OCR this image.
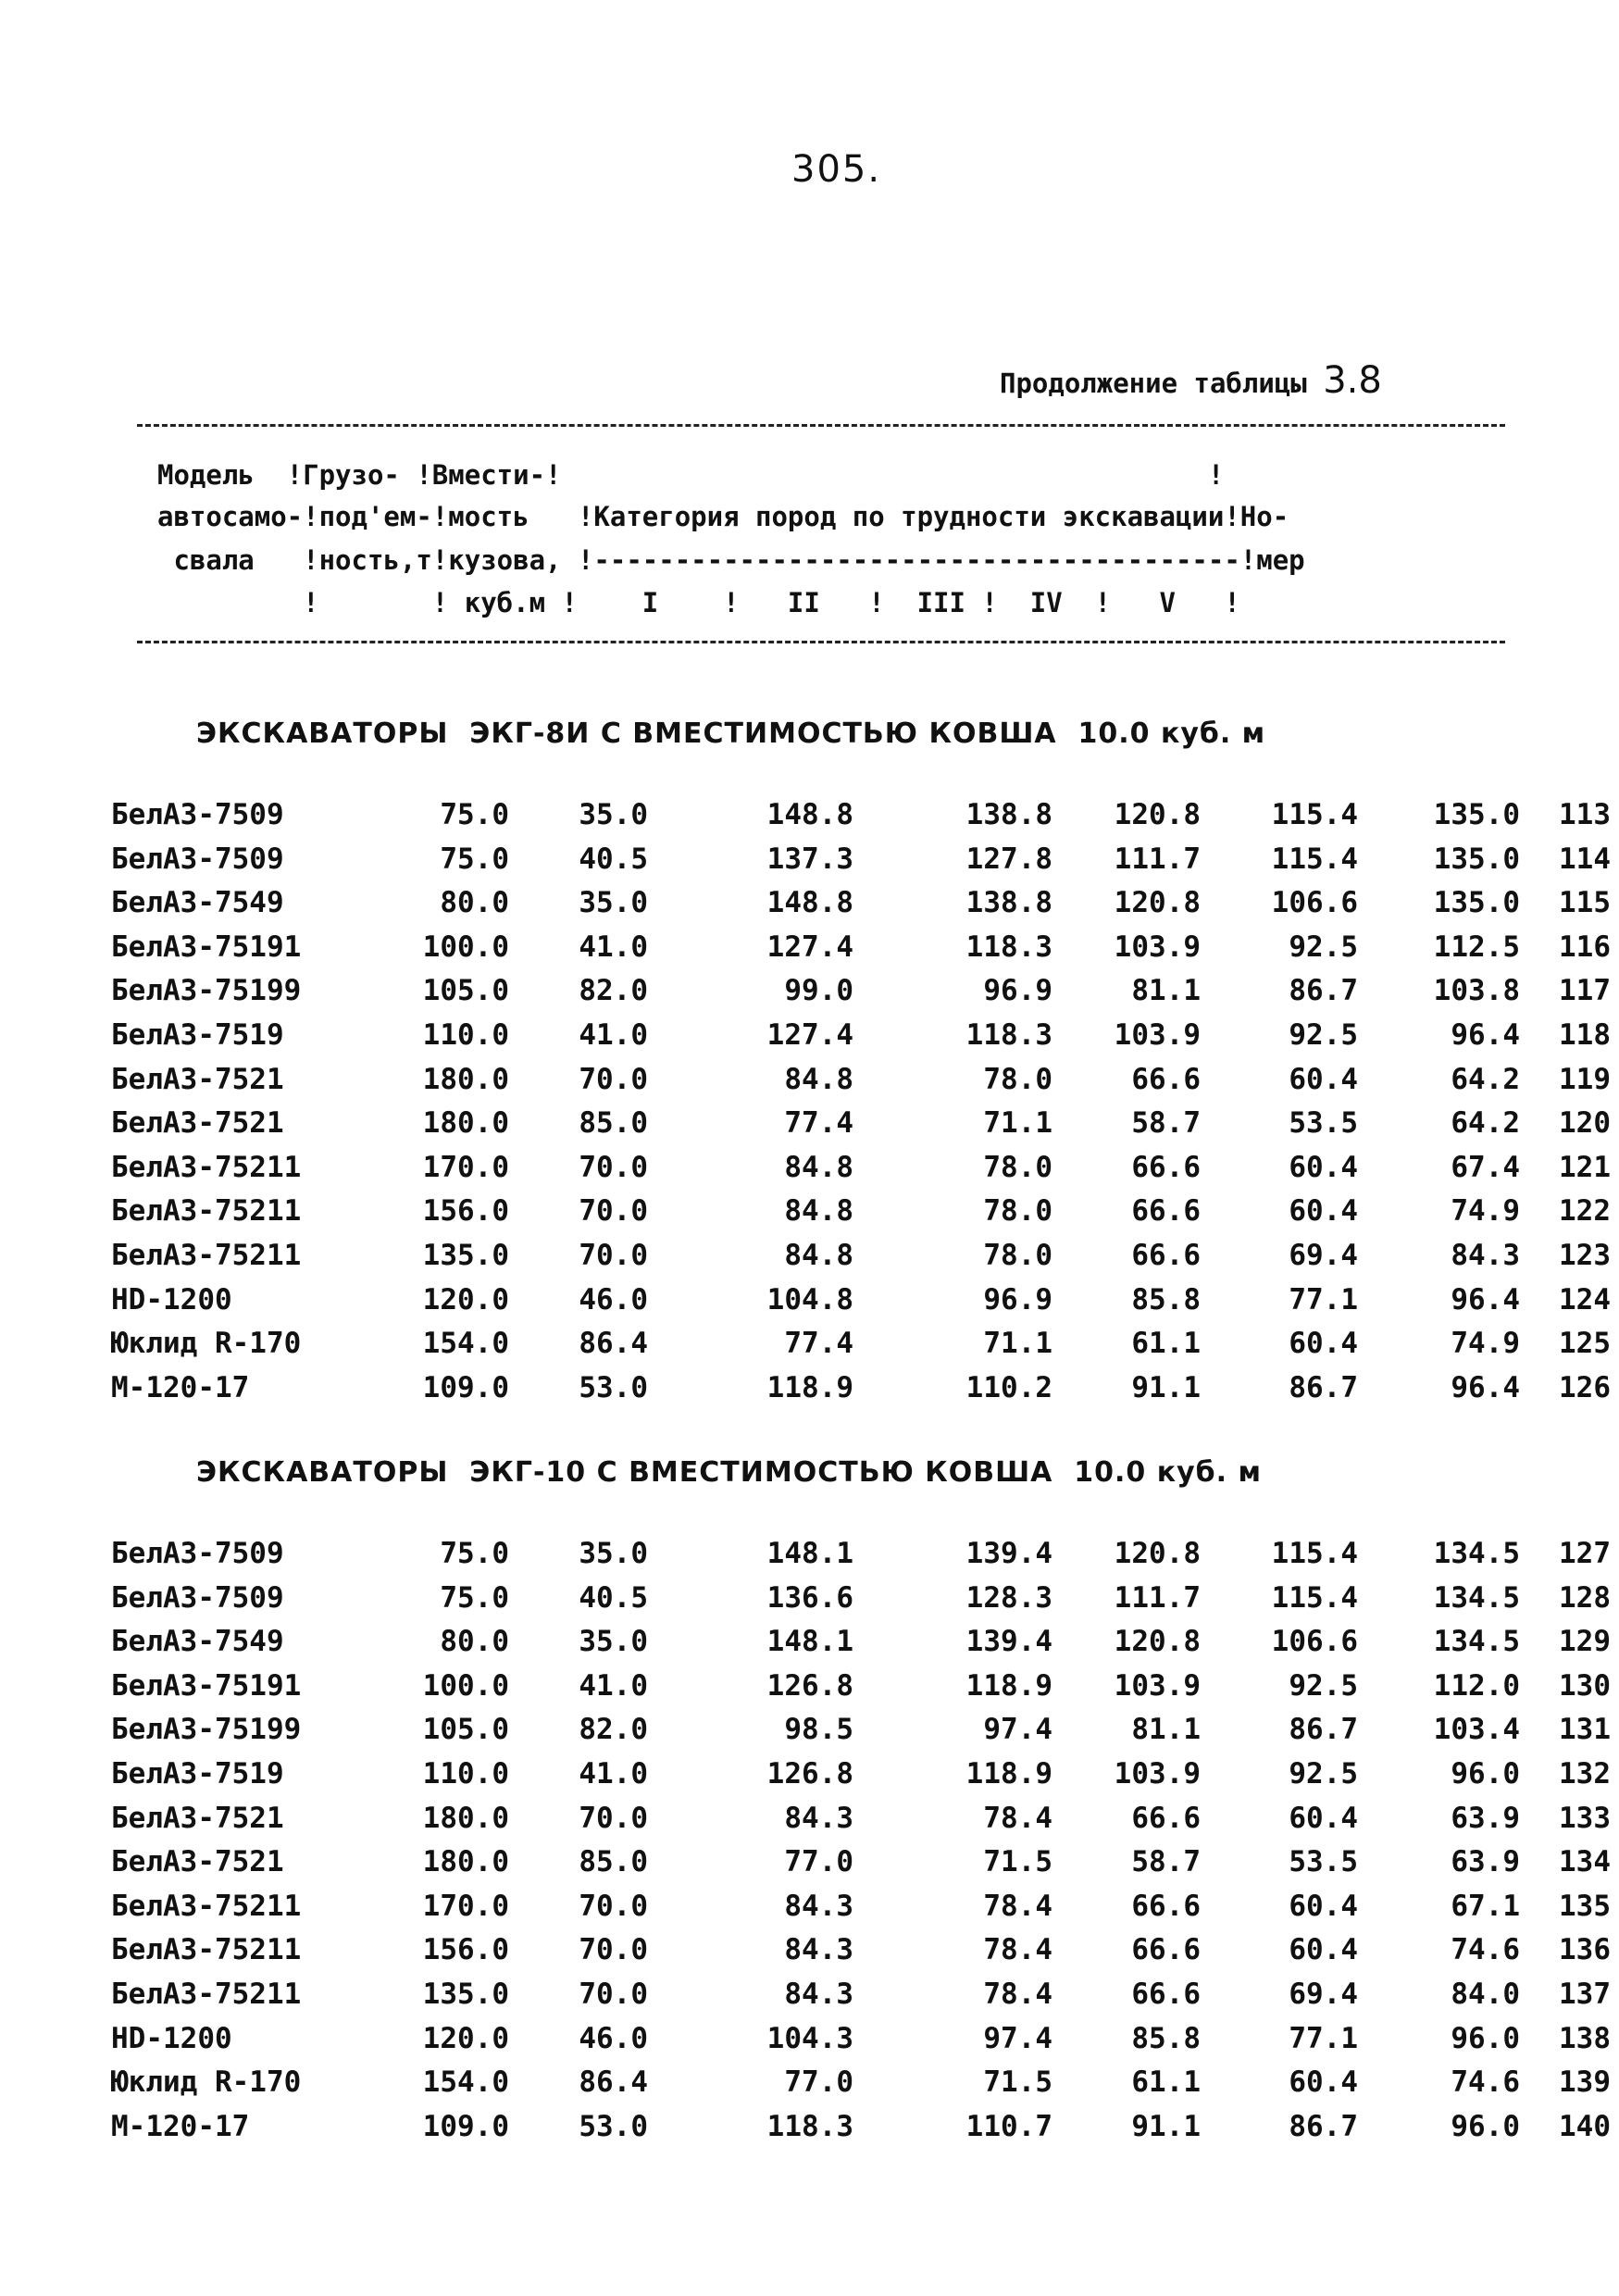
305.
Продолжение таблицы 3.8
Модель  !Грузо- !Вмести-!                                        !
автосамо-!под'ем-!мость   !Категория пород по трудности экскавации!Но-
свала   !ность,т!кузова, !----------------------------------------!мер
!       ! куб.м !    I    !   II   !  III !  IV  !   V   !
ЭКСКАВАТОРЫ  ЭКГ-8И С ВМЕСТИМОСТЬЮ КОВША  10.0 куб. м
БелАЗ-7509	75.0	35.0	148.8	138.8	120.8	115.4	135.0	113
БелАЗ-7509	75.0	40.5	137.3	127.8	111.7	115.4	135.0	114
БелАЗ-7549	80.0	35.0	148.8	138.8	120.8	106.6	135.0	115
БелАЗ-75191	100.0	41.0	127.4	118.3	103.9	92.5	112.5	116
БелАЗ-75199	105.0	82.0	99.0	96.9	81.1	86.7	103.8	117
БелАЗ-7519	110.0	41.0	127.4	118.3	103.9	92.5	96.4	118
БелАЗ-7521	180.0	70.0	84.8	78.0	66.6	60.4	64.2	119
БелАЗ-7521	180.0	85.0	77.4	71.1	58.7	53.5	64.2	120
БелАЗ-75211	170.0	70.0	84.8	78.0	66.6	60.4	67.4	121
БелАЗ-75211	156.0	70.0	84.8	78.0	66.6	60.4	74.9	122
БелАЗ-75211	135.0	70.0	84.8	78.0	66.6	69.4	84.3	123
HD-1200	120.0	46.0	104.8	96.9	85.8	77.1	96.4	124
Юклид R-170	154.0	86.4	77.4	71.1	61.1	60.4	74.9	125
М-120-17	109.0	53.0	118.9	110.2	91.1	86.7	96.4	126
ЭКСКАВАТОРЫ  ЭКГ-10 С ВМЕСТИМОСТЬЮ КОВША  10.0 куб. м
БелАЗ-7509	75.0	35.0	148.1	139.4	120.8	115.4	134.5	127
БелАЗ-7509	75.0	40.5	136.6	128.3	111.7	115.4	134.5	128
БелАЗ-7549	80.0	35.0	148.1	139.4	120.8	106.6	134.5	129
БелАЗ-75191	100.0	41.0	126.8	118.9	103.9	92.5	112.0	130
БелАЗ-75199	105.0	82.0	98.5	97.4	81.1	86.7	103.4	131
БелАЗ-7519	110.0	41.0	126.8	118.9	103.9	92.5	96.0	132
БелАЗ-7521	180.0	70.0	84.3	78.4	66.6	60.4	63.9	133
БелАЗ-7521	180.0	85.0	77.0	71.5	58.7	53.5	63.9	134
БелАЗ-75211	170.0	70.0	84.3	78.4	66.6	60.4	67.1	135
БелАЗ-75211	156.0	70.0	84.3	78.4	66.6	60.4	74.6	136
БелАЗ-75211	135.0	70.0	84.3	78.4	66.6	69.4	84.0	137
HD-1200	120.0	46.0	104.3	97.4	85.8	77.1	96.0	138
Юклид R-170	154.0	86.4	77.0	71.5	61.1	60.4	74.6	139
М-120-17	109.0	53.0	118.3	110.7	91.1	86.7	96.0	140
